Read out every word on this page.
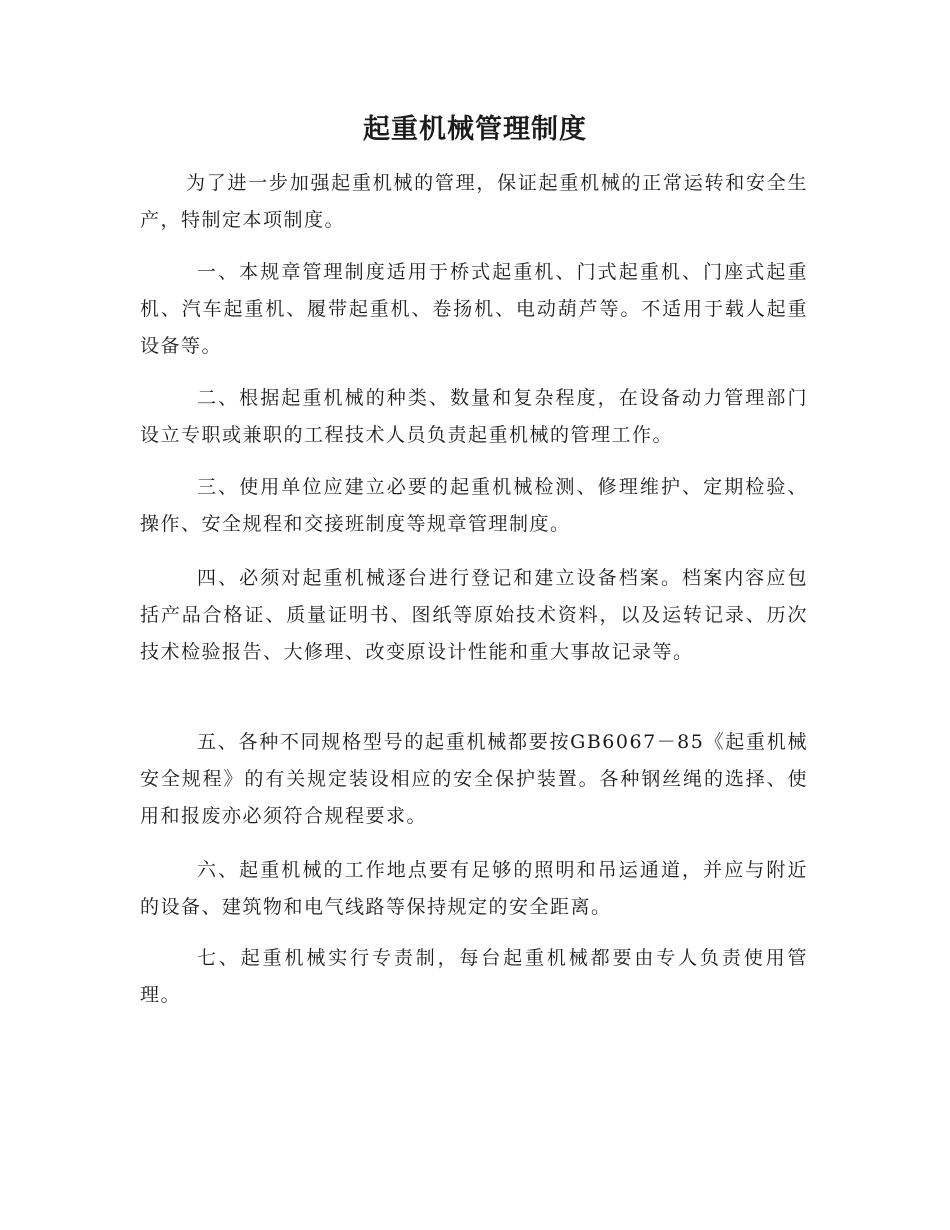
起重机械管理制度

为了进一步加强起重机械的管理，保证起重机械的正常运转和安全生产，特制定本项制度。

一、本规章管理制度适用于桥式起重机、门式起重机、门座式起重机、汽车起重机、履带起重机、卷扬机、电动葫芦等。不适用于载人起重设备等。

二、根据起重机械的种类、数量和复杂程度，在设备动力管理部门设立专职或兼职的工程技术人员负责起重机械的管理工作。

三、使用单位应建立必要的起重机械检测、修理维护、定期检验、操作、安全规程和交接班制度等规章管理制度。

四、必须对起重机械逐台进行登记和建立设备档案。档案内容应包括产品合格证、质量证明书、图纸等原始技术资料，以及运转记录、历次技术检验报告、大修理、改变原设计性能和重大事故记录等。

五、各种不同规格型号的起重机械都要按GB6067－85《起重机械安全规程》的有关规定装设相应的安全保护装置。各种钢丝绳的选择、使用和报废亦必须符合规程要求。

六、起重机械的工作地点要有足够的照明和吊运通道，并应与附近的设备、建筑物和电气线路等保持规定的安全距离。

七、起重机械实行专责制，每台起重机械都要由专人负责使用管理。
